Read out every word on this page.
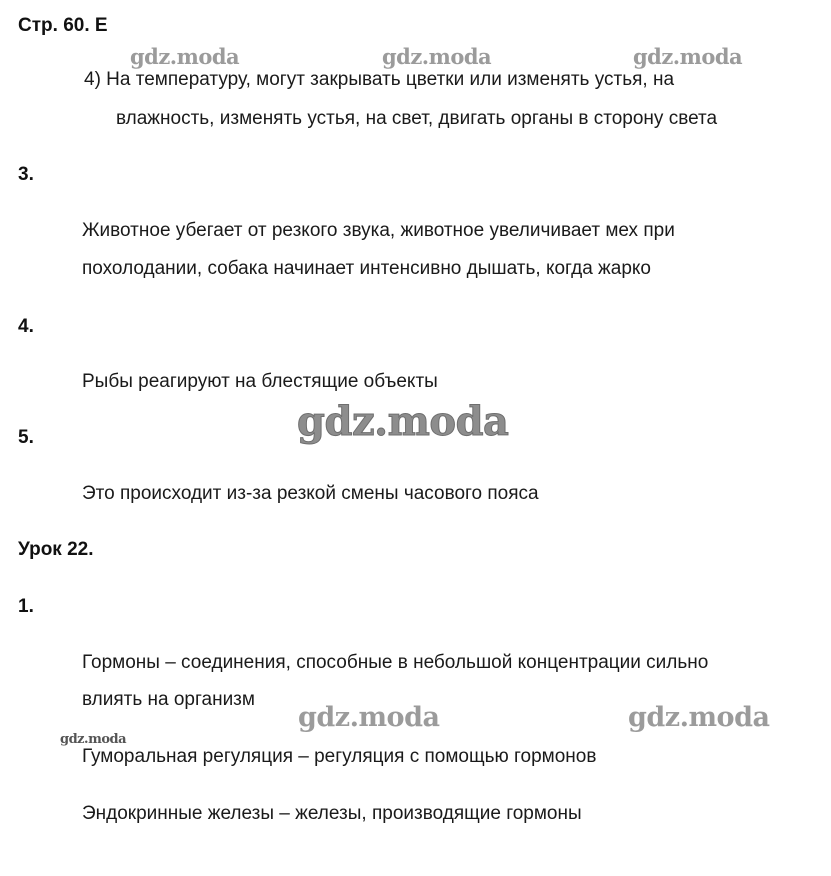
gdz.moda	gdz.moda	gdz.moda
gdz.moda
gdz.moda	gdz.moda
gdz.moda
Стр. 60. Е
4) На температуру, могут закрывать цветки или изменять устья, на
влажность, изменять устья, на свет, двигать органы в сторону света
3.
Животное убегает от резкого звука, животное увеличивает мех при
похолодании, собака начинает интенсивно дышать, когда жарко
4.
Рыбы реагируют на блестящие объекты
5.
Это происходит из-за резкой смены часового пояса
Урок 22.
1.
Гормоны – соединения, способные в небольшой концентрации сильно
влиять на организм
Гуморальная регуляция – регуляция с помощью гормонов
Эндокринные железы – железы, производящие гормоны
